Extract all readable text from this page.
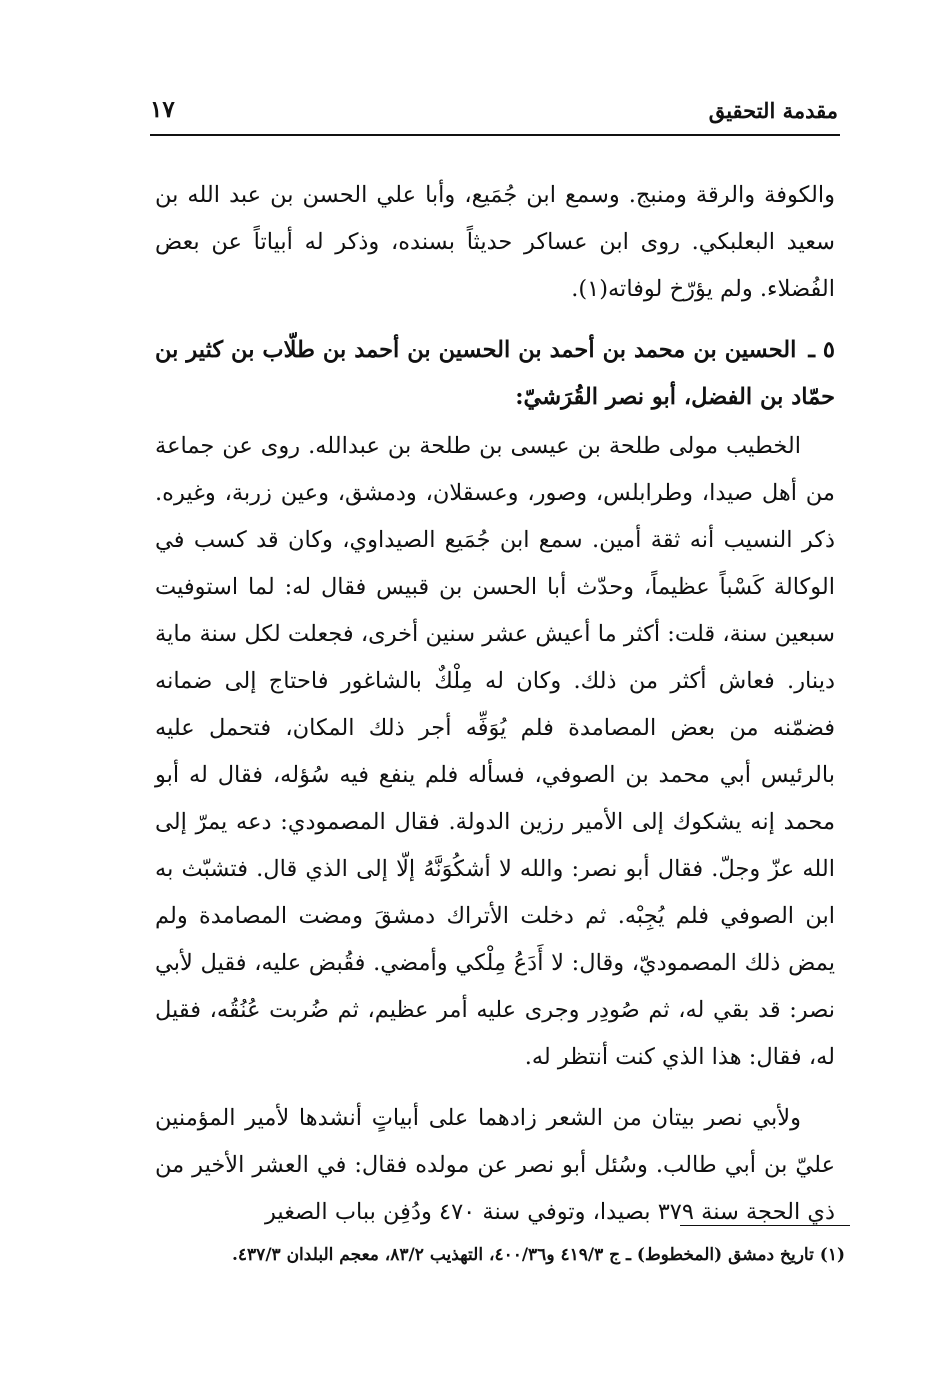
مقدمة التحقيق
١٧

والكوفة والرقة ومنبج. وسمع ابن جُمَيع، وأبا علي الحسن بن عبد الله بن سعيد البعلبكي. روى ابن عساكر حديثاً بسنده، وذكر له أبياتاً عن بعض الفُضلاء. ولم يؤرّخ لوفاته(١).

٥ ـ الحسين بن محمد بن أحمد بن الحسين بن أحمد بن طلّاب بن كثير بن حمّاد بن الفضل، أبو نصر القُرَشيّ:

الخطيب مولى طلحة بن عيسى بن طلحة بن عبدالله. روى عن جماعة من أهل صيدا، وطرابلس، وصور، وعسقلان، ودمشق، وعين زربة، وغيره. ذكر النسيب أنه ثقة أمين. سمع ابن جُمَيع الصيداوي، وكان قد كسب في الوكالة كَسْباً عظيماً، وحدّث أبا الحسن بن قبيس فقال له: لما استوفيت سبعين سنة، قلت: أكثر ما أعيش عشر سنين أخرى، فجعلت لكل سنة ماية دينار. فعاش أكثر من ذلك. وكان له مِلْكٌ بالشاغور فاحتاج إلى ضمانه فضمّنه من بعض المصامدة فلم يُوَفِّه أجر ذلك المكان، فتحمل عليه بالرئيس أبي محمد بن الصوفي، فسأله فلم ينفع فيه سُؤله، فقال له أبو محمد إنه يشكوك إلى الأمير رزين الدولة. فقال المصمودي: دعه يمرّ إلى الله عزّ وجلّ. فقال أبو نصر: والله لا أشكُوَنَّهُ إلّا إلى الذي قال. فتشبّث به ابن الصوفي فلم يُجِبْه. ثم دخلت الأتراك دمشقَ ومضت المصامدة ولم يمض ذلك المصموديّ، وقال: لا أَدَعُ مِلْكي وأمضي. فقُبض عليه، فقيل لأبي نصر: قد بقي له، ثم صُودِر وجرى عليه أمر عظيم، ثم ضُربت عُنُقُه، فقيل له، فقال: هذا الذي كنت أنتظر له.

ولأبي نصر بيتان من الشعر زادهما على أبياتٍ أنشدها لأمير المؤمنين عليّ بن أبي طالب. وسُئل أبو نصر عن مولده فقال: في العشر الأخير من ذي الحجة سنة ٣٧٩ بصيدا، وتوفي سنة ٤٧٠ ودُفِن بباب الصغير

(١) تاريخ دمشق (المخطوط) ـ ج ٤١٩/٣ و٤٠٠/٣٦، التهذيب ٨٣/٢، معجم البلدان ٤٣٧/٣.
